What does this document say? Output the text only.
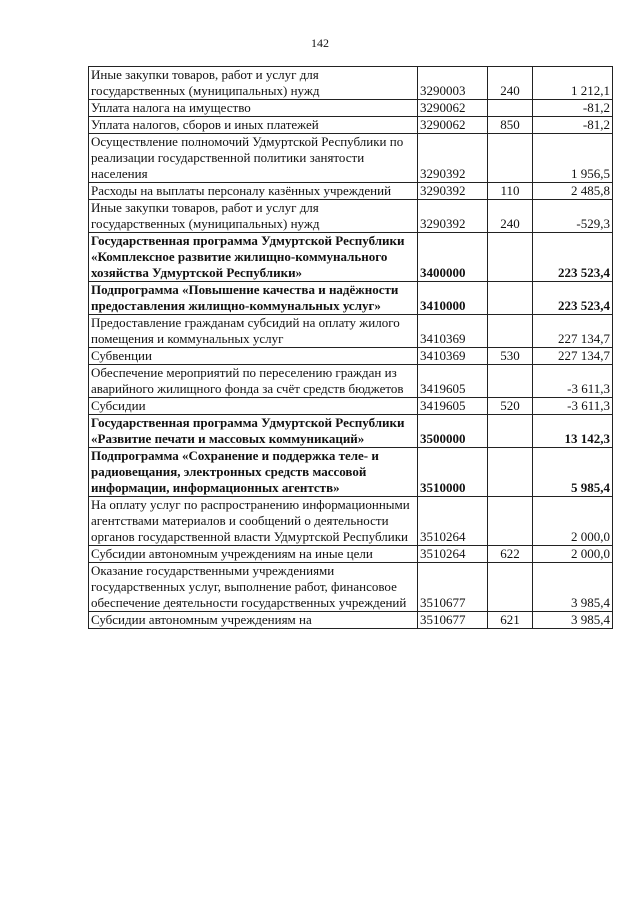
142
Иные закупки товаров, работ и услуг для государственных (муниципальных) нужд	3290003	240	1 212,1
Уплата налога на имущество	3290062		-81,2
Уплата налогов, сборов и иных платежей	3290062	850	-81,2
Осуществление полномочий Удмуртской Республики по реализации государственной политики занятости населения	3290392		1 956,5
Расходы на выплаты персоналу казённых учреждений	3290392	110	2 485,8
Иные закупки товаров, работ и услуг для государственных (муниципальных) нужд	3290392	240	-529,3
Государственная программа Удмуртской Республики «Комплексное развитие жилищно-коммунального хозяйства Удмуртской Республики»	3400000		223 523,4
Подпрограмма «Повышение качества и надёжности предоставления жилищно-коммунальных услуг»	3410000		223 523,4
Предоставление гражданам субсидий на оплату жилого помещения и коммунальных услуг	3410369		227 134,7
Субвенции	3410369	530	227 134,7
Обеспечение мероприятий по переселению граждан из аварийного жилищного фонда за счёт средств бюджетов	3419605		-3 611,3
Субсидии	3419605	520	-3 611,3
Государственная программа Удмуртской Республики «Развитие печати и массовых коммуникаций»	3500000		13 142,3
Подпрограмма «Сохранение и поддержка теле- и радиовещания, электронных средств массовой информации, информационных агентств»	3510000		5 985,4
На оплату услуг по распространению информационными агентствами материалов и сообщений о деятельности органов государственной власти Удмуртской Республики	3510264		2 000,0
Субсидии автономным учреждениям на иные цели	3510264	622	2 000,0
Оказание государственными учреждениями государственных услуг, выполнение работ, финансовое обеспечение деятельности государственных учреждений	3510677		3 985,4
Субсидии автономным учреждениям на	3510677	621	3 985,4
